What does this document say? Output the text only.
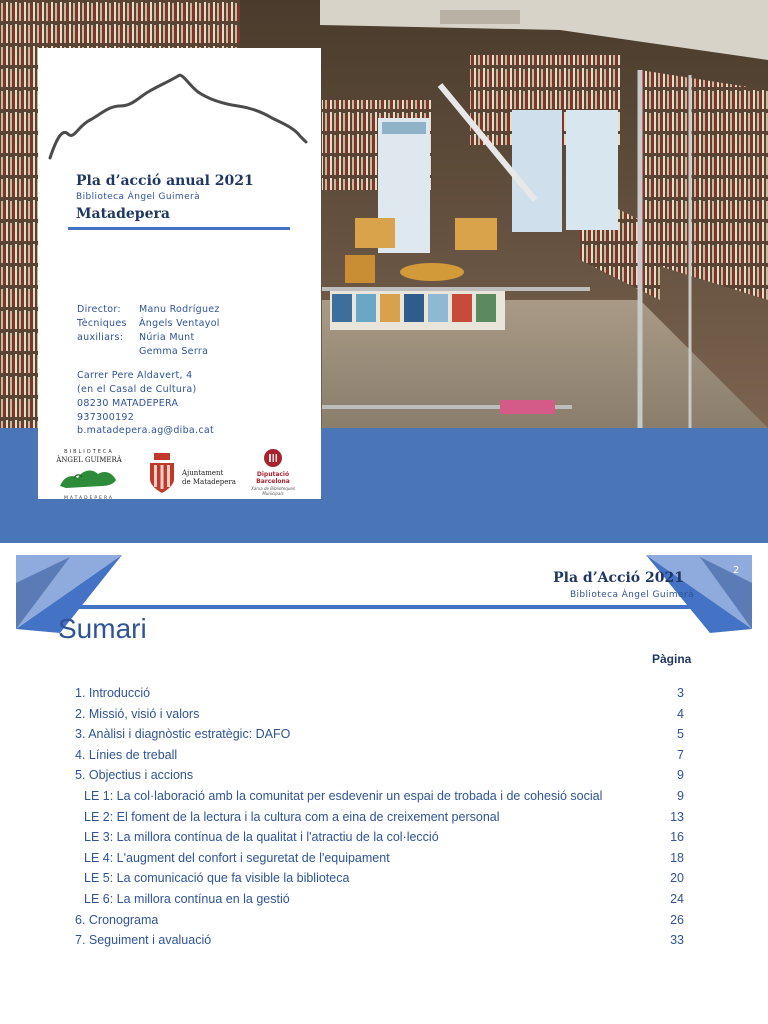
Pla d’acció anual 2021
Biblioteca Àngel Guimerà
Matadepera
Director: Manu Rodríguez
Tècniques Àngels Ventayol
auxiliars: Núria Munt
Gemma Serra
Carrer Pere Aldavert, 4
(en el Casal de Cultura)
08230 MATADEPERA
937300192
b.matadepera.ag@diba.cat
BIBLIOTECA
ÀNGEL GUIMERÀ
MATADEPERA
Ajuntament
de Matadepera
Diputació
Barcelona
Xarxa de Biblioteques
Municipals
Pla d’Acció 2021
Biblioteca Àngel Guimerà
2
Sumari
Pàgina
1. Introducció	3
2. Missió, visió i valors	4
3. Anàlisi i diagnòstic estratègic: DAFO	5
4. Línies de treball	7
5. Objectius i accions	9
LE 1: La col·laboració amb la comunitat per esdevenir un espai de trobada i de cohesió social	9
LE 2: El foment de la lectura i la cultura com a eina de creixement personal	13
LE 3: La millora contínua de la qualitat i l'atractiu de la col·lecció	16
LE 4: L'augment del confort i seguretat de l'equipament	18
LE 5: La comunicació que fa visible la biblioteca	20
LE 6: La millora contínua en la gestió	24
6. Cronograma	26
7. Seguiment i avaluació	33
